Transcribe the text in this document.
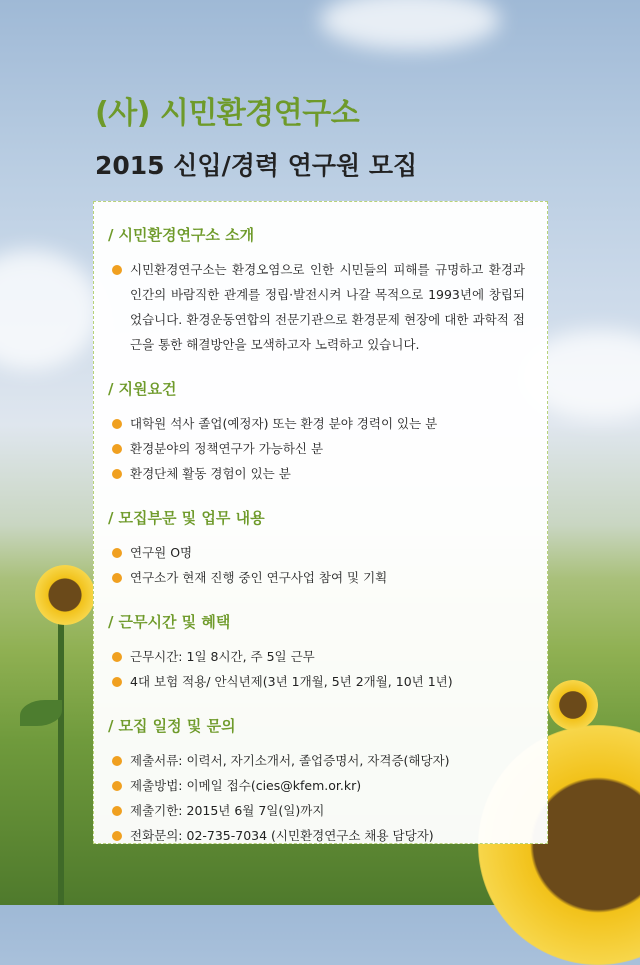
(사) 시민환경연구소
2015 신입/경력 연구원 모집
/ 시민환경연구소 소개
시민환경연구소는 환경오염으로 인한 시민들의 피해를 규명하고 환경과 인간의 바람직한 관계를 정립·발전시켜 나갈 목적으로 1993년에 창립되었습니다. 환경운동연합의 전문기관으로 환경문제 현장에 대한 과학적 접근을 통한 해결방안을 모색하고자 노력하고 있습니다.
/ 지원요건
대학원 석사 졸업(예정자) 또는 환경 분야 경력이 있는 분
환경분야의 정책연구가 가능하신 분
환경단체 활동 경험이 있는 분
/ 모집부문 및 업무 내용
연구원 O명
연구소가 현재 진행 중인 연구사업 참여 및 기획
/ 근무시간 및 혜택
근무시간: 1일 8시간, 주 5일 근무
4대 보험 적용/ 안식년제(3년 1개월, 5년 2개월, 10년 1년)
/ 모집 일정 및 문의
제출서류: 이력서, 자기소개서, 졸업증명서, 자격증(해당자)
제출방법: 이메일 접수(cies@kfem.or.kr)
제출기한: 2015년 6월 7일(일)까지
전화문의: 02-735-7034 (시민환경연구소 채용 담당자)
